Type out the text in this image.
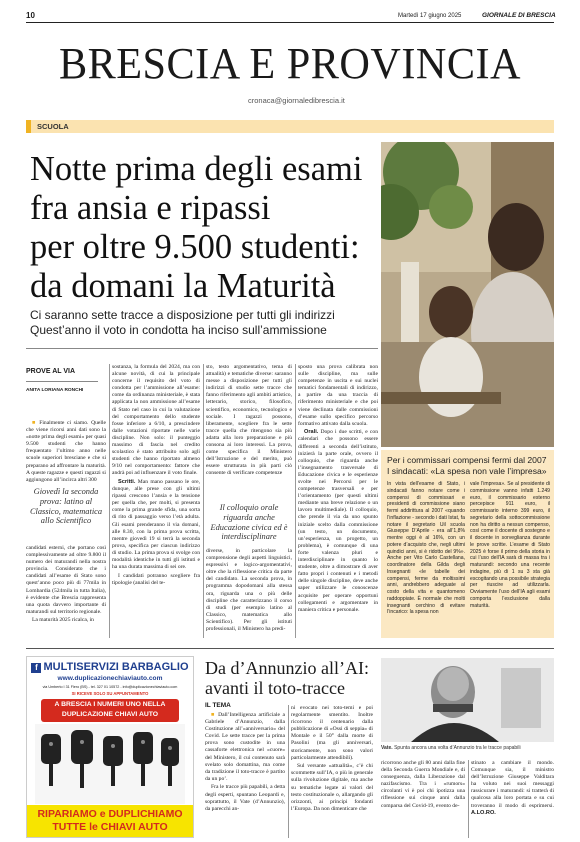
10	Martedì 17 giugno 2025	GIORNALE DI BRESCIA
BRESCIA E PROVINCIA
cronaca@giornaledibrescia.it
SCUOLA
Notte prima degli esami
fra ansia e ripassi
per oltre 9.500 studenti:
da domani la Maturità
Ci saranno sette tracce a disposizione per tutti gli indirizzi
Quest’anno il voto in condotta ha inciso sull’ammissione
PROVE AL VIA
ANITA LORIANA RONCHI

■ Finalmente ci siamo. Quelle che viene ricorsi anni dati sono la «notte prima degli esami» per quasi 9.500 studenti che hanno frequentato l’ultimo anno nelle scuole superiori bresciane e che si preparano ad affrontare la maturità. A queste ragazze e questi ragazzi si aggiungono all’incirca altri 300

Giovedì la seconda prova: latino al Classico, matematica allo Scientifico

candidati esterni, che portano così complessivamente ad oltre 9.800 il numero dei maturandi nella nostra provincia. Considerato che i candidati all’esame di Stato sono quest’anno poco più di 77mila in Lombardia (524mila in tutta Italia), è evidente che Brescia rappresenta una quota davvero importante di maturandi sul territorio regionale.

La maturità 2025 ricalca, in

sostanza, la formula del 2024, ma con alcune novità, di cui la principale concerne il requisito del voto di condotta per l’ammissione all’esame: come da ordinanza ministeriale, è stata applicata la non ammissione all’esame di Stato nel caso in cui la valutazione del comportamento dello studente fosse inferiore a 6/10, a prescindere dalle votazioni riportate nelle varie discipline. Non solo: il punteggio massimo di fascia nel credito scolastico è stato attribuito solo agli studenti che hanno riportato almeno 9/10 nel comportamento: fattore che andrà poi ad influenzare il voto finale.

Scritti. Man mano passano le ore, dunque, alle prese con gli ultimi ripassi crescono l’ansia e la tensione per quella che, per molti, si presenta come la prima grande sfida, una sorta di rito di passaggio verso l’età adulta. Gli esami prenderanno il via domani, alle 8.30, con la prima prova scritta, mentre giovedì 19 si terrà la seconda prova, specifica per ciascun indirizzo di studio. La prima prova si svolge con modalità identiche in tutti gli istituti e ha una durata massima di sei ore.

I candidati potranno scegliere fra tipologie (analisi del te-

sto, testo argomentativo, tema di attualità) e tematiche diverse: saranno messe a disposizione per tutti gli indirizzi di studio sette tracce che fanno riferimento agli ambiti artistico, letterario, storico, filosofico, scientifico, economico, tecnologico e sociale. I ragazzi possono, liberamente, scegliere fra le sette tracce quella che ritengono sia più adatta alla loro preparazione e più consona ai loro interessi. La prova, come specifica il Ministero dell’Istruzione e del merito, può essere strutturata in più parti ciò consente di verificare competenze

Il colloquio orale riguarda anche Educazione civica ed è interdisciplinare

diverse, in particolare la comprensione degli aspetti linguistici, espressivi e logico-argomentativi, oltre che la riflessione critica da parte del candidato. La seconda prova, in programma dopodomani alla stessa ora, riguarda una o più delle discipline che caratterizzano il corso di studi (per esempio latino al Classico, matematica allo Scientifico). Per gli istituti professionali, il Ministero ha predi-

sposto una prova calibrata non sulle discipline, ma sulle competenze in uscita e sui nuclei tematici fondamentali di indirizzo, a partire da una traccia di riferimento ministeriale e che poi viene declinata dalle commissioni d’esame sullo specifico percorso formativo attivato dalla scuola.

Orali. Dopo i due scritti, e con calendari che possono essere differenti a seconda dell’istituto, inizierà la parte orale, ovvero il colloquio, che riguarda anche l’insegnamento trasversale di Educazione civica e le esperienze svolte nei Percorsi per le competenze trasversali e per l’orientamento (per questi ultimi mediante una breve relazione o un lavoro multimediale). Il colloquio, che prende il via da uno spunto iniziale scelto dalla commissione (un testo, un documento, un’esperienza, un progetto, un problema), è comunque di una forte valenza pluri e interdisciplinare in quanto lo studente, oltre a dimostrare di aver fatto propri i contenuti e i metodi delle singole discipline, deve anche saper utilizzare le conoscenze acquisite per operare opportuni collegamenti e argomentare in maniera critica e personale.

Per i commissari compensi fermi dal 2007
I sindacati: «La spesa non vale l’impresa»
In vista dell’esame di Stato, i sindacati fanno notare come i compensi di commissari e presidenti di commissione siano fermi addirittura al 2007 «quando l’inflazione - secondo i dati Istat, fa notare il segretario Uil scuola Giuseppe D’Aprile - era all’1,8% mentre oggi è al 16%, con un potere d’acquisto che, negli ultimi quindici anni, si è ridotto del 9%». Anche per Vito Carlo Castellana, coordinatore della Gilda degli Insegnanti «le tabelle dei compensi, ferme da moltissimi anni, andrebbero adeguate al costo della vita e quantomeno raddoppiate. È normale che molti insegnanti cerchino di evitare l’incarico: la spesa non
vale l’impresa». Se al presidente di commissione vanno infatti 1.249 euro, il commissario esterno percepisce 911 euro, il commissario interno 399 euro, il segretario della sottocommissione non ha diritto a nessun compenso, così come il docente di sostegno e il docente in sorveglianza durante le prove scritte. L’esame di Stato 2025 è forse il primo della storia in cui l’uso dell’IA sarà di massa tra i maturandi: secondo una recente indagine, più di 1 su 3 sta già escogitando una possibile strategia per riuscire ad utilizzarla. Ovviamente l’uso dell’IA agli esami comporta l’esclusione dalla maturità.
f MULTISERVIZI BARBAGLIO
www.duplicazionechiaviauto.com
via Umberto I 31 Flero (BS) - tel. 327 01 10572 - info@duplicazionechiaviauto.com
SI RICEVE SOLO SU APPUNTAMENTO
A BRESCIA I NUMERI UNO NELLA DUPLICAZIONE CHIAVI AUTO
RIPARIAMO e DUPLICHIAMO
TUTTE le CHIAVI AUTO
Da d’Annunzio all’AI:
avanti il toto-tracce
IL TEMA

■ Dall’Intelligenza artificiale a Gabriele d’Annunzio, dalla Costituzione all’«anniversario» del Covid. Le sette tracce per la prima prova sono custodite in una cassaforte elettronica nel «cuore» del Ministero, il cui contenuto sarà svelato solo domattina, ma come da tradizione il toto-tracce è partito da un po’.

Fra le tracce più papabili, a detta degli esperti, spuntano Leopardi e, soprattutto, il Vate (d’Annunzio), da parecchi an-

ni evocato nei toto-temi e poi regolarmente smentito. Inoltre ricorrono il centenario dalla pubblicazione di «Ossi di seppia» di Montale e il 50° dalla morte di Pasolini (ma gli anniversari, storicamente, non sono valori particolarmente attendibili).

Sul versante «attualità», c’è chi scommette sull’IA, o più in generale sulla rivoluzione digitale, ma anche su tematiche legate ai valori del testo costituzionale o, allargando gli orizzonti, ai principi fondanti l’Europa. Da non dimenticare che

Vate. Spunta ancora una volta d’Annunzio tra le tracce papabili

ricorrono anche gli 80 anni dalla fine della Seconda Guerra Mondiale e, di conseguenza, dalla Liberazione dal nazifascismo. Tra i «rumors» circolanti vi è poi chi ipotizza una riflessione sui cinque anni dalla comparsa del Covid-19, evento de-

stinato a cambiare il mondo. Comunque sia, il ministro dell’Istruzione Giuseppe Valditara ha voluto nei suoi messaggi rassicurare i maturandi: si tratterà di qualcosa alla loro portata e su cui troveranno il modo di esprimersi. A.LO.RO.
